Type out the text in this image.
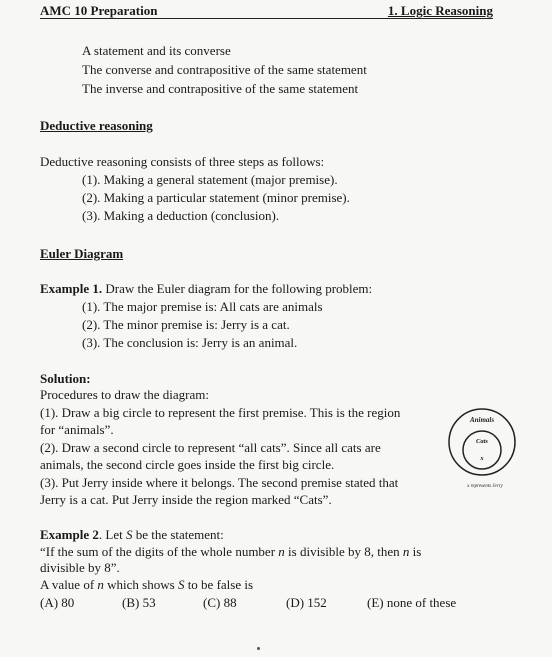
AMC 10 Preparation	1. Logic Reasoning
A statement and its converse
The converse and contrapositive of the same statement
The inverse and contrapositive of the same statement
Deductive reasoning
Deductive reasoning consists of three steps as follows:
(1). Making a general statement (major premise).
(2). Making a particular statement (minor premise).
(3). Making a deduction (conclusion).
Euler Diagram
Example 1. Draw the Euler diagram for the following problem:
(1). The major premise is: All cats are animals
(2). The minor premise is: Jerry is a cat.
(3). The conclusion is: Jerry is an animal.
Solution:
Procedures to draw the diagram:
(1). Draw a big circle to represent the first premise. This is the region
for “animals”.
(2). Draw a second circle to represent “all cats”. Since all cats are
animals, the second circle goes inside the first big circle.
(3). Put Jerry inside where it belongs. The second premise stated that
Jerry is a cat. Put Jerry inside the region marked “Cats”.
Animals
Cats
x
x represents Jerry
Example 2. Let S be the statement:
“If the sum of the digits of the whole number n is divisible by 8, then n is
divisible by 8”.
A value of n which shows S to be false is
(A) 80	(B) 53	(C) 88	(D) 152	(E) none of these
